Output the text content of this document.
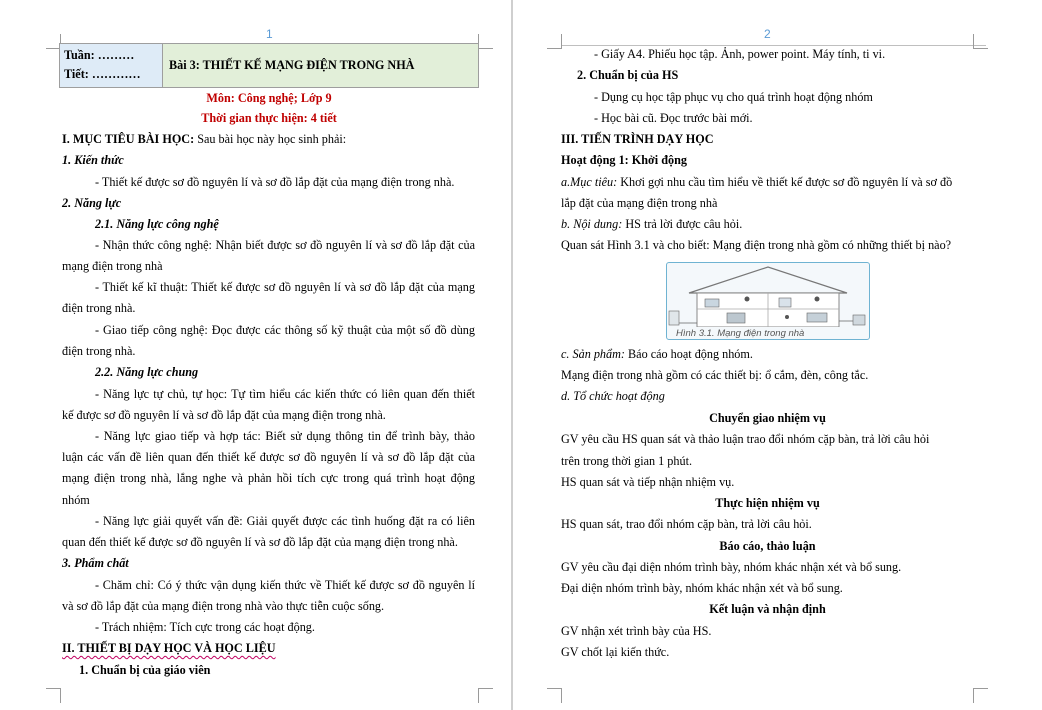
1
Tuần: ………
Tiết: …………
	Bài 3: THIẾT KẾ MẠNG ĐIỆN TRONG NHÀ
Môn: Công nghệ; Lớp 9
Thời gian thực hiện: 4 tiết
I. MỤC TIÊU BÀI HỌC: Sau bài học này học sinh phải:
1. Kiến thức
- Thiết kế được sơ đồ nguyên lí và sơ đồ lắp đặt của mạng điện trong nhà.
2. Năng lực
2.1. Năng lực công nghệ
- Nhận thức công nghệ: Nhận biết được sơ đồ nguyên lí và sơ đồ lắp đặt của
mạng điện trong nhà
- Thiết kế kĩ thuật: Thiết kế được sơ đồ nguyên lí và sơ đồ lắp đặt của mạng
điện trong nhà.
- Giao tiếp công nghệ: Đọc được các thông số kỹ thuật của một số đồ dùng
điện trong nhà.
2.2. Năng lực chung
- Năng lực tự chủ, tự học: Tự tìm hiểu các kiến thức có liên quan đến thiết
kế được sơ đồ nguyên lí và sơ đồ lắp đặt của mạng điện trong nhà.
- Năng lực giao tiếp và hợp tác: Biết sử dụng thông tin để trình bày, thảo
luận các vấn đề liên quan đến thiết kế được sơ đồ nguyên lí và sơ đồ lắp đặt của
mạng điện trong nhà, lắng nghe và phản hồi tích cực trong quá trình hoạt động
nhóm
- Năng lực giải quyết vấn đề: Giải quyết được các tình huống đặt ra có liên
quan đến thiết kế được sơ đồ nguyên lí và sơ đồ lắp đặt của mạng điện trong nhà.
3. Phẩm chất
- Chăm chỉ: Có ý thức vận dụng kiến thức về Thiết kế được sơ đồ nguyên lí
và sơ đồ lắp đặt của mạng điện trong nhà vào thực tiễn cuộc sống.
- Trách nhiệm: Tích cực trong các hoạt động.
II. THIẾT BỊ DẠY HỌC VÀ HỌC LIỆU
1. Chuẩn bị của giáo viên
2
- Giấy A4. Phiếu học tập. Ảnh, power point. Máy tính, ti vi.
2. Chuẩn bị của HS
- Dụng cụ học tập phục vụ cho quá trình hoạt động nhóm
- Học bài cũ. Đọc trước bài mới.
III. TIẾN TRÌNH DẠY HỌC
Hoạt động 1: Khởi động
a.Mục tiêu: Khơi gợi nhu cầu tìm hiểu về thiết kế được sơ đồ nguyên lí và sơ đồ
lắp đặt của mạng điện trong nhà
b. Nội dung: HS trả lời được câu hỏi.
Quan sát Hình 3.1 và cho biết: Mạng điện trong nhà gồm có những thiết bị nào?
Hình 3.1. Mạng điện trong nhà
c. Sản phẩm: Báo cáo hoạt động nhóm.
Mạng điện trong nhà gồm có các thiết bị: ổ cắm, đèn, công tắc.
d. Tổ chức hoạt động
Chuyển giao nhiệm vụ
GV yêu cầu HS quan sát và thảo luận trao đổi nhóm cặp bàn, trả lời câu hỏi
trên trong thời gian 1 phút.
HS quan sát và tiếp nhận nhiệm vụ.
Thực hiện nhiệm vụ
HS quan sát, trao đổi nhóm cặp bàn, trả lời câu hỏi.
Báo cáo, thảo luận
GV yêu cầu đại diện nhóm trình bày, nhóm khác nhận xét và bổ sung.
Đại diện nhóm trình bày, nhóm khác nhận xét và bổ sung.
Kết luận và nhận định
GV nhận xét trình bày của HS.
GV chốt lại kiến thức.
